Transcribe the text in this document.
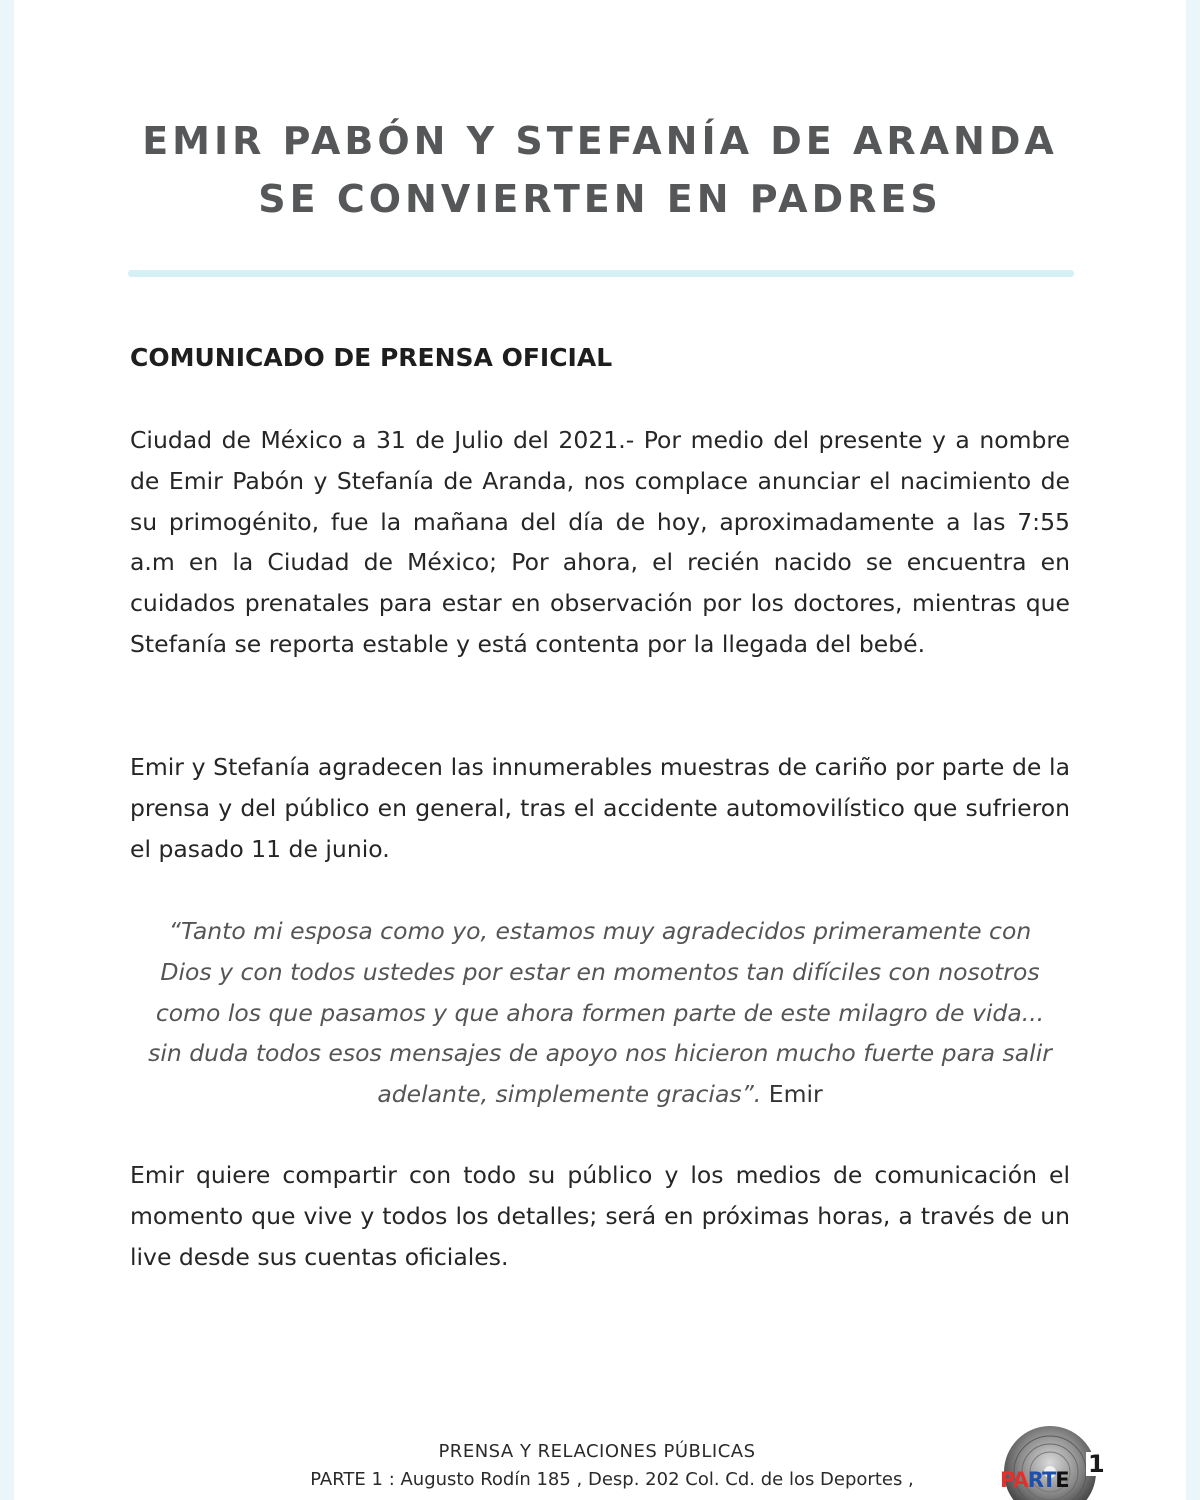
EMIR PABÓN Y STEFANÍA DE ARANDA
SE CONVIERTEN EN PADRES
COMUNICADO DE PRENSA OFICIAL

Ciudad de México a 31 de Julio del 2021.- Por medio del presente y a nombre de Emir Pabón y Stefanía de Aranda, nos complace anunciar el nacimiento de su primogénito, fue la mañana del día de hoy, aproximadamente a las 7:55 a.m en la Ciudad de México; Por ahora, el recién nacido se encuentra en cuidados prenatales para estar en observación por los doctores, mientras que Stefanía se reporta estable y está contenta por la llegada del bebé.

Emir y Stefanía agradecen las innumerables muestras de cariño por parte de la prensa y del público en general, tras el accidente automovilístico que sufrieron el pasado 11 de junio.

“Tanto mi esposa como yo, estamos muy agradecidos primeramente con Dios y con todos ustedes por estar en momentos tan difíciles con nosotros como los que pasamos y que ahora formen parte de este milagro de vida... sin duda todos esos mensajes de apoyo nos hicieron mucho fuerte para salir adelante, simplemente gracias”. Emir

Emir quiere compartir con todo su público y los medios de comunicación el momento que vive y todos los detalles; será en próximas horas, a través de un live desde sus cuentas oficiales.

PRENSA Y RELACIONES PÚBLICAS
PARTE 1 : Augusto Rodín 185 , Desp. 202 Col. Cd. de los Deportes ,	PARTE
1
